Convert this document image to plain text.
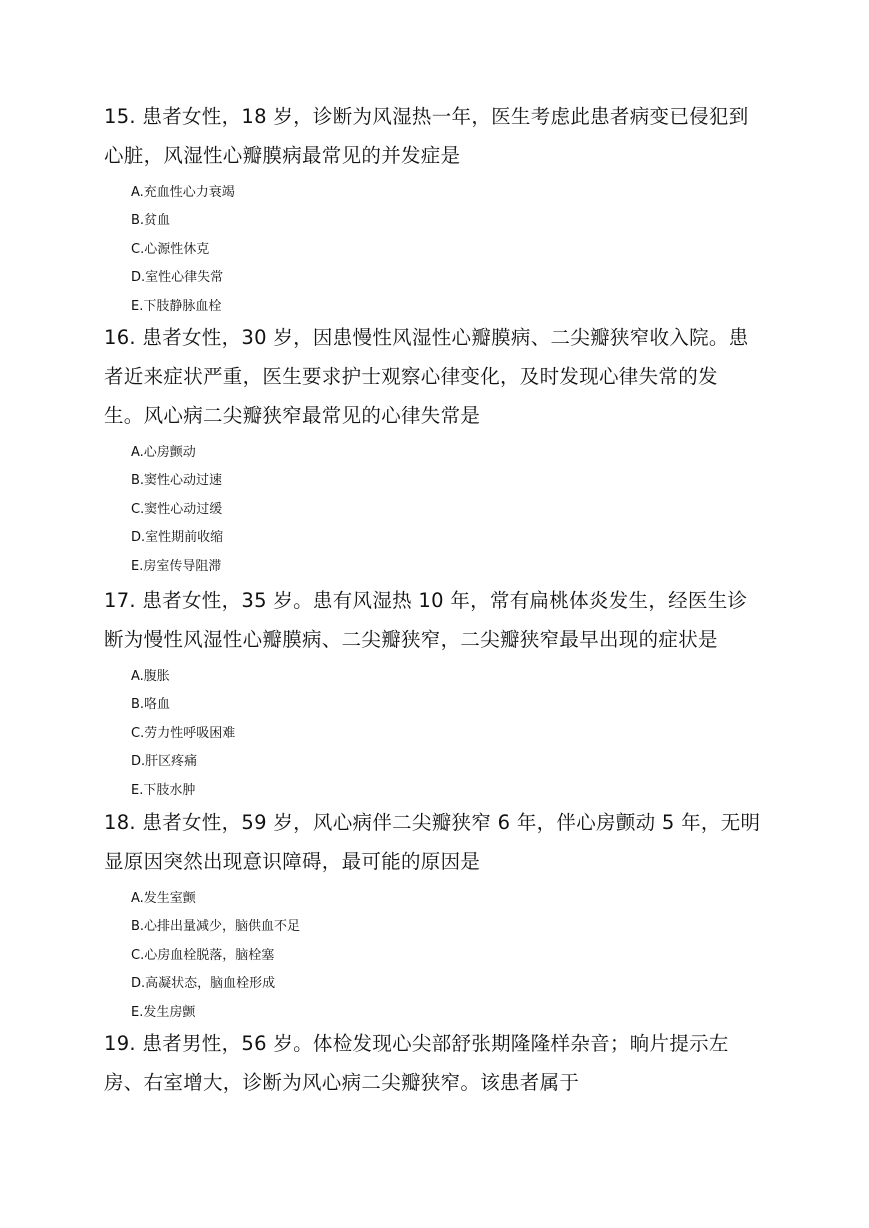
15. 患者女性，18 岁，诊断为风湿热一年，医生考虑此患者病变已侵犯到
心脏，风湿性心瓣膜病最常见的并发症是
A.充血性心力衰竭
B.贫血
C.心源性休克
D.室性心律失常
E.下肢静脉血栓
16. 患者女性，30 岁，因患慢性风湿性心瓣膜病、二尖瓣狭窄收入院。患
者近来症状严重，医生要求护士观察心律变化，及时发现心律失常的发
生。风心病二尖瓣狭窄最常见的心律失常是
A.心房颤动
B.窦性心动过速
C.窦性心动过缓
D.室性期前收缩
E.房室传导阻滞
17. 患者女性，35 岁。患有风湿热 10 年，常有扁桃体炎发生，经医生诊
断为慢性风湿性心瓣膜病、二尖瓣狭窄，二尖瓣狭窄最早出现的症状是
A.腹胀
B.咯血
C.劳力性呼吸困难
D.肝区疼痛
E.下肢水肿
18. 患者女性，59 岁，风心病伴二尖瓣狭窄 6 年，伴心房颤动 5 年，无明
显原因突然出现意识障碍，最可能的原因是
A.发生室颤
B.心排出量减少，脑供血不足
C.心房血栓脱落，脑栓塞
D.高凝状态，脑血栓形成
E.发生房颤
19. 患者男性，56 岁。体检发现心尖部舒张期隆隆样杂音；晌片提示左
房、右室增大，诊断为风心病二尖瓣狭窄。该患者属于
